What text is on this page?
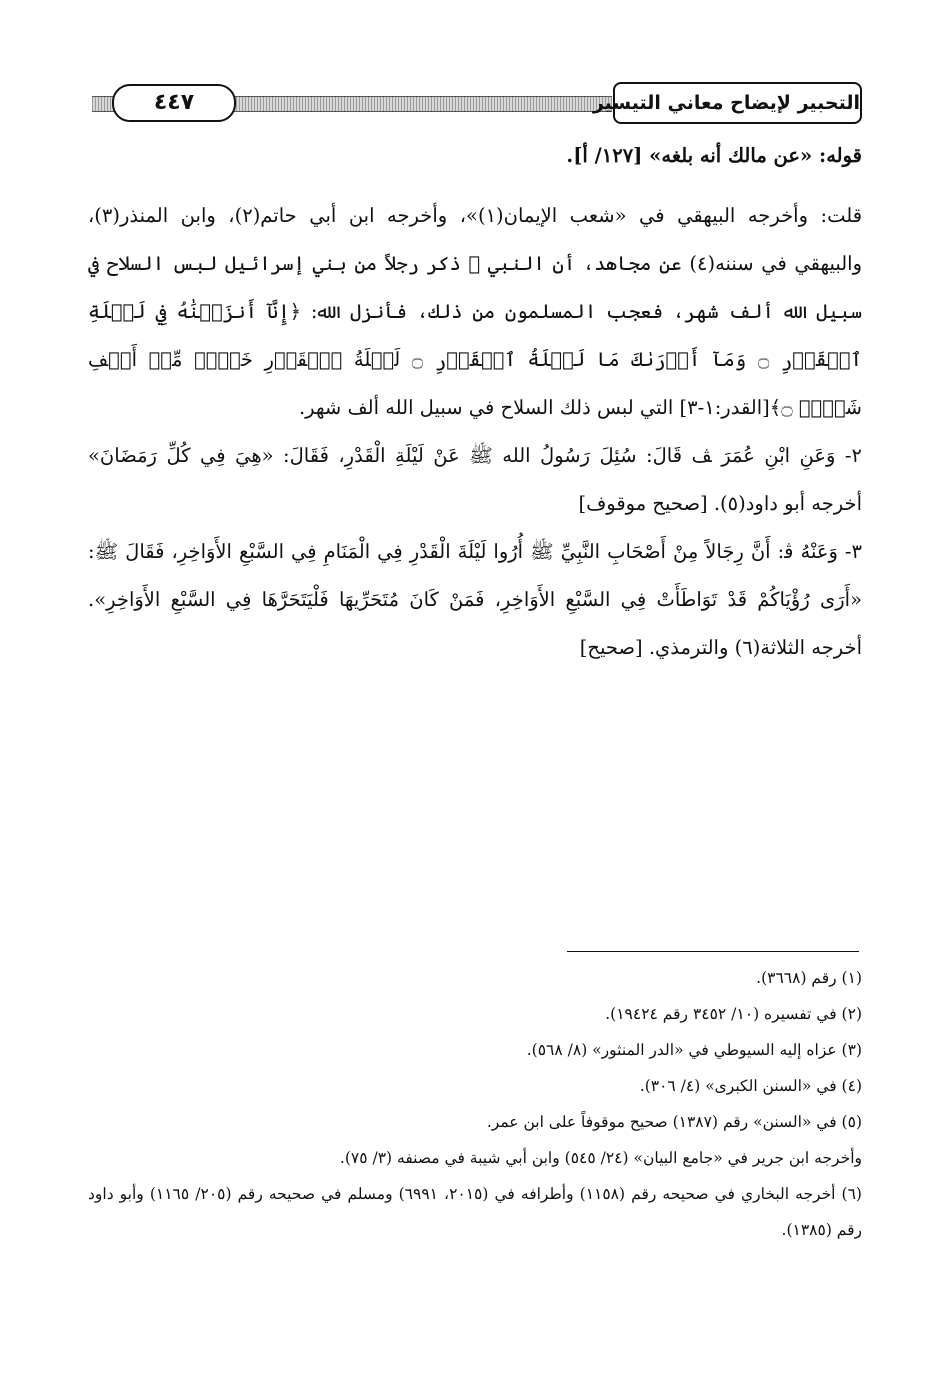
٤٤٧	التحبير لإيضاح معاني التيسير

قوله: «عن مالك أنه بلغه» [١٢٧/ أ].

قلت: وأخرجه البيهقي في «شعب الإيمان(١)»، وأخرجه ابن أبي حاتم(٢)، وابن المنذر(٣)، والبيهقي في سننه(٤) عن مجاهد، أن النبي ﷺ ذكر رجلاً من بني إسرائيل لبس السلاح في سبيل الله ألف شهر، فعجب المسلمون من ذلك، فأنزل الله: ﴿إِنَّآ أَنزَلۡنَٰهُ فِي لَيۡلَةِ ٱلۡقَدۡرِ ۝ وَمَآ أَدۡرَىٰكَ مَا لَيۡلَةُ ٱلۡقَدۡرِ ۝ لَيۡلَةُ ٱلۡقَدۡرِ خَيۡرٞ مِّنۡ أَلۡفِ شَهۡرٖ ۝﴾[القدر:١-٣] التي لبس ذلك السلاح في سبيل الله ألف شهر.

٢- وَعَنِ ابْنِ عُمَرَ ﭫ قَالَ: سُئِلَ رَسُولُ الله ﷺ عَنْ لَيْلَةِ الْقَدْرِ، فَقَالَ: «هِيَ فِي كُلِّ رَمَضَانَ» أخرجه أبو داود(٥). [صحيح موقوف]

٣- وَعَنْهُ ﭬ: أَنَّ رِجَالاً مِنْ أَصْحَابِ النَّبِيِّ ﷺ أُرُوا لَيْلَةَ الْقَدْرِ فِي الْمَنَامِ فِي السَّبْعِ الأَوَاخِرِ، فَقَالَ ﷺ: «أَرَى رُؤْيَاكُمْ قَدْ تَوَاطَأَتْ فِي السَّبْعِ الأَوَاخِرِ، فَمَنْ كَانَ مُتَحَرِّيهَا فَلْيَتَحَرَّهَا فِي السَّبْعِ الأَوَاخِرِ». أخرجه الثلاثة(٦) والترمذي. [صحيح]

(١) رقم (٣٦٦٨).

(٢) في تفسيره (١٠/ ٣٤٥٢ رقم ١٩٤٢٤).

(٣) عزاه إليه السيوطي في «الدر المنثور» (٨/ ٥٦٨).

(٤) في «السنن الكبرى» (٤/ ٣٠٦).

(٥) في «السنن» رقم (١٣٨٧) صحيح موقوفاً على ابن عمر.

وأخرجه ابن جرير في «جامع البيان» (٢٤/ ٥٤٥) وابن أبي شيبة في مصنفه (٣/ ٧٥).

(٦) أخرجه البخاري في صحيحه رقم (١١٥٨) وأطرافه في (٢٠١٥، ٦٩٩١) ومسلم في صحيحه رقم (٢٠٥/ ١١٦٥) وأبو داود رقم (١٣٨٥).
